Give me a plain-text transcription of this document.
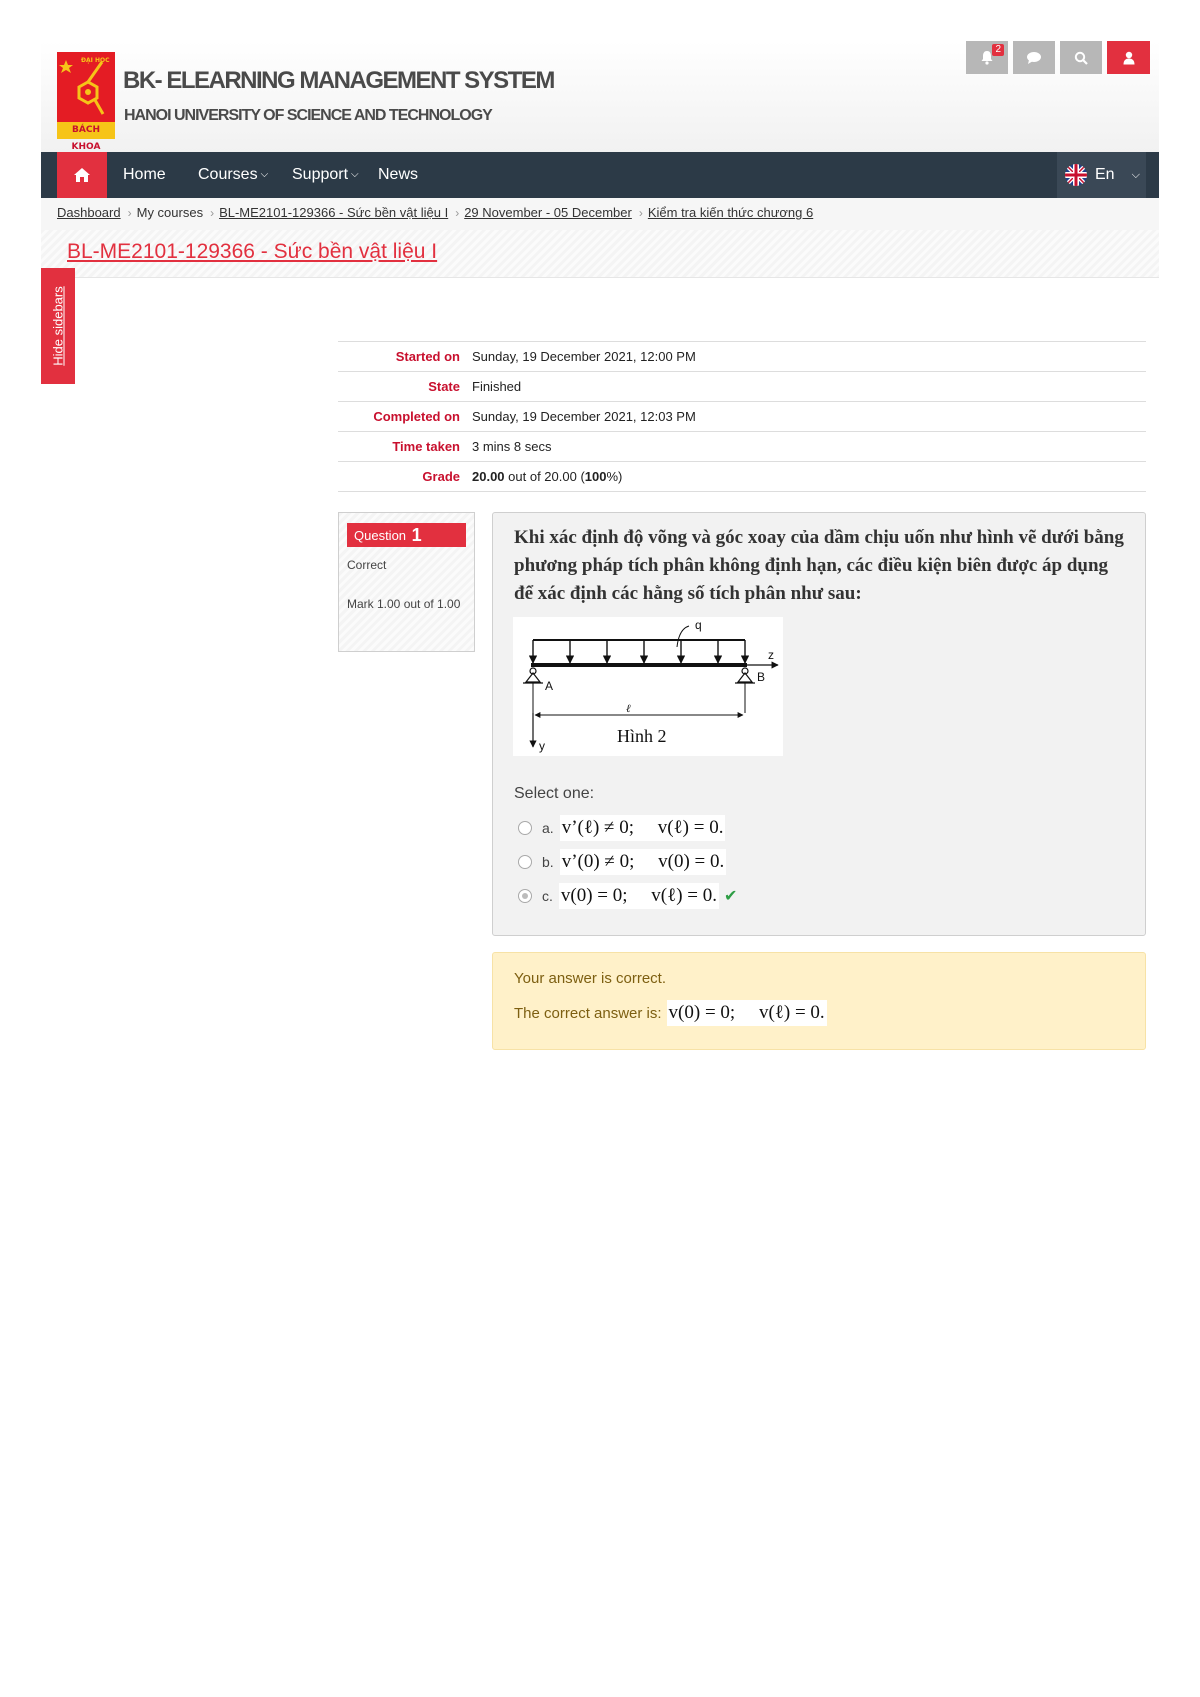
ĐẠI HỌC
BÁCH KHOA
BK- ELEARNING MANAGEMENT SYSTEM
HANOI UNIVERSITY OF SCIENCE AND TECHNOLOGY
2
Home Courses ⌵ Support ⌵ News	En ⌵
Dashboard › My courses › BL-ME2101-129366 - Sức bền vật liệu I › 29 November - 05 December › Kiểm tra kiến thức chương 6
BL-ME2101-129366 - Sức bền vật liệu I
Hide sidebars	Started on	Sunday, 19 December 2021, 12:00 PM
State	Finished
Completed on	Sunday, 19 December 2021, 12:03 PM
Time taken	3 mins 8 secs
Grade	20.00 out of 20.00 (100%)
Question 1
Correct
Mark 1.00 out of 1.00
Khi xác định độ võng và góc xoay của dầm chịu uốn như hình vẽ dưới bằng phương pháp tích phân không định hạn, các điều kiện biên được áp dụng để xác định các hằng số tích phân như sau:
q
z
A
B
ℓ
y	Hình 2
Select one:
a. v’(ℓ) ≠ 0;     v(ℓ) = 0.
b. v’(0) ≠ 0;     v(0) = 0.
c. v(0) = 0;     v(ℓ) = 0. ✔
Your answer is correct.
The correct answer is: v(0) = 0;     v(ℓ) = 0.
